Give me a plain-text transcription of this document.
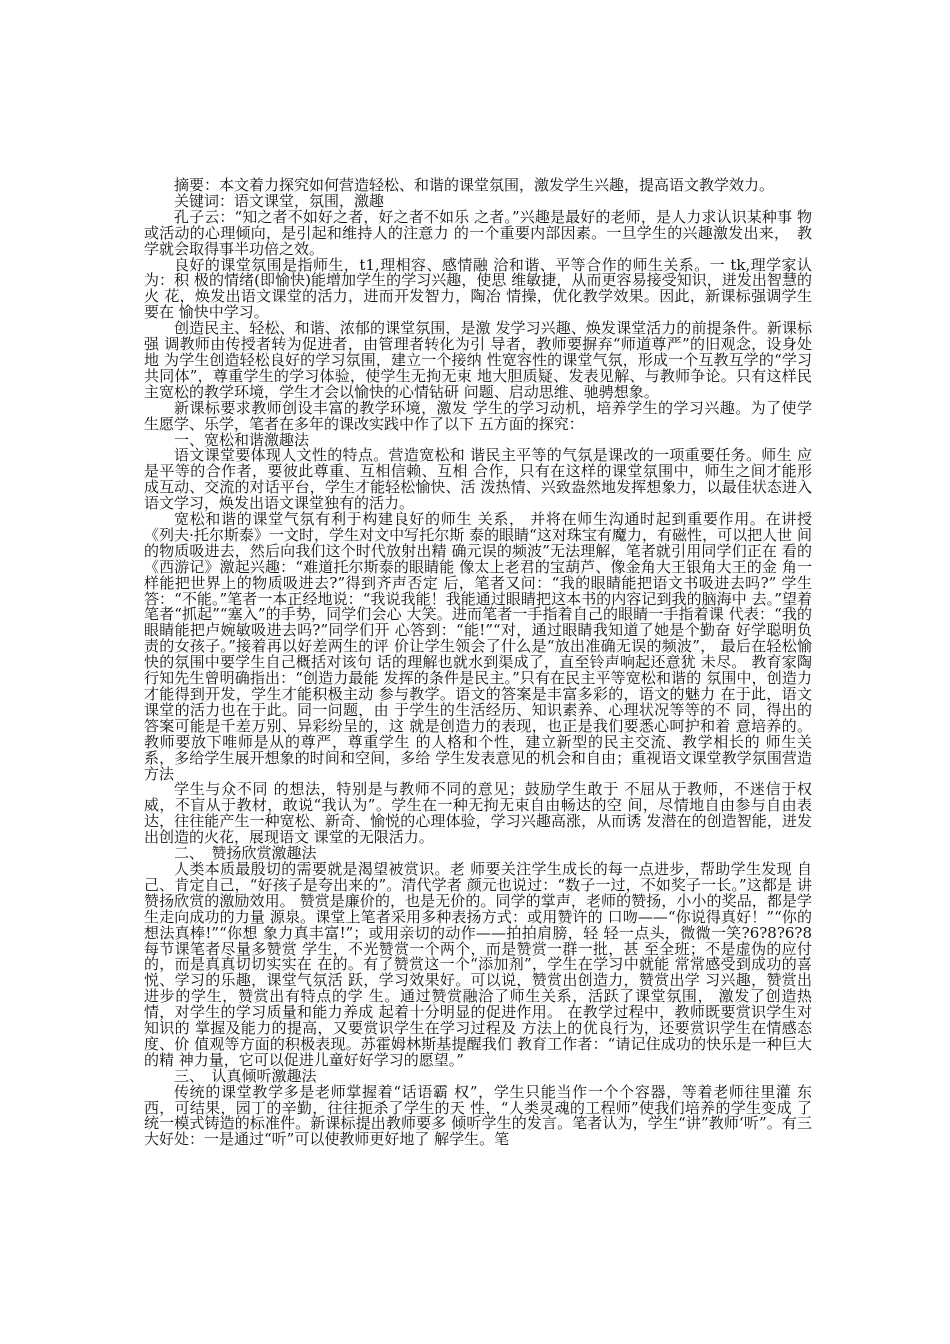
摘要：本文着力探究如何营造轻松、和谐的课堂氛围，激发学生兴趣，提高语文教学效力。

关键词：语文课堂，氛围，激趣

孔子云：“知之者不如好之者，好之者不如乐 之者。”兴趣是最好的老师，是人力求认识某种事 物或活动的心理倾向，是引起和维持人的注意力 的一个重要内部因素。一旦学生的兴趣激发出来，　教学就会取得事半功倍之效。

良好的课堂氛围是指师生，t1,理相容、感情融 洽和谐、平等合作的师生关系。一 tk,理学家认为：积 极的情绪(即愉快)能增加学生的学习兴趣，使思 维敏捷，从而更容易接受知识，迸发出智慧的火 花，焕发出语文课堂的活力，进而开发智力，陶冶 情操，优化教学效果。因此，新课标强调学生要在 愉快中学习。

创造民主、轻松、和谐、浓郁的课堂氛围，是激 发学习兴趣、焕发课堂活力的前提条件。新课标强 调教师由传授者转为促进者，由管理者转化为引 导者，教师要摒弃“师道尊严”的旧观念，设身处地 为学生创造轻松良好的学习氛围，建立一个接纳 性宽容性的课堂气氛，形成一个互教互学的“学习 共同体”，尊重学生的学习体验，使学生无拘无束 地大胆质疑、发表见解、与教师争论。只有这样民 主宽松的教学环境，学生才会以愉快的心情钻研 问题、启动思维、驰骋想象。

新课标要求教师创设丰富的教学环境，激发 学生的学习动机，培养学生的学习兴趣。为了使学 生愿学、乐学，笔者在多年的课改实践中作了以下 五方面的探究：

一、宽松和谐激趣法

语文课堂要体现人文性的特点。营造宽松和 谐民主平等的气氛是课改的一项重要任务。师生 应是平等的合作者，要彼此尊重、互相信赖、互相 合作，只有在这样的课堂氛围中，师生之间才能形 成互动、交流的对话平台，学生才能轻松愉快、活 泼热情、兴致盎然地发挥想象力，以最佳状态进入 语文学习，焕发出语文课堂独有的活力。

宽松和谐的课堂气氛有利于构建良好的师生 关系， 并将在师生沟通时起到重要作用。在讲授《列夫·托尔斯泰》一文时，学生对文中写托尔斯 泰的眼睛“这对珠宝有魔力，有磁性，可以把人世 间的物质吸进去，然后向我们这个时代放射出精 确元误的频波”无法理解，笔者就引用同学们正在 看的《西游记》激起兴趣：“难道托尔斯泰的眼睛能 像太上老君的宝葫芦、像金角大王银角大王的金 角一样能把世界上的物质吸进去?”得到齐声否定 后，笔者又问：“我的眼睛能把语文书吸进去吗?” 学生答：“不能。”笔者一本正经地说：“我说我能！我能通过眼睛把这本书的内容记到我的脑海中 去。”望着笔者“抓起”“塞入”的手势，同学们会心 大笑。进而笔者一手指着自己的眼睛一手指着课 代表：“我的眼睛能把卢婉敏吸进去吗?”同学们开 心答到：“能!”“对，通过眼睛我知道了她是个勤奋 好学聪明负责的女孩子。”接着再以好差两生的评 价让学生领会了什么是“放出准确无误的频波”， 最后在轻松愉快的氛围中要学生自己概括对该句 话的理解也就水到渠成了，直至铃声响起还意犹 未尽。 教育家陶行知先生曾明确指出：“创造力最能 发挥的条件是民主。”只有在民主平等宽松和谐的 氛围中，创造力才能得到开发，学生才能积极主动 参与教学。语文的答案是丰富多彩的，语文的魅力 在于此，语文课堂的活力也在于此。同一问题，由 于学生的生活经历、知识素养、心理状况等等的不 同，得出的答案可能是千差万别、异彩纷呈的，这 就是创造力的表现，也正是我们要悉心呵护和着 意培养的。教师要放下唯师是从的尊严，尊重学生 的人格和个性，建立新型的民主交流、教学相长的 师生关系，多给学生展开想象的时间和空间，多给 学生发表意见的机会和自由；重视语文课堂教学氛围营造方法

学生与众不同 的想法，特别是与教师不同的意见；鼓励学生敢于 不屈从于教师，不迷信于权威，不盲从于教材，敢说“我认为”。学生在一种无拘无束自由畅达的空 间，尽情地自由参与自由表达，往往能产生一种宽松、新奇、愉悦的心理体验，学习兴趣高涨，从而诱 发潜在的创造智能，迸发出创造的火花，展现语文 课堂的无限活力。

二、　赞扬欣赏激趣法

人类本质最殷切的需要就是渴望被赏识。老 师要关注学生成长的每一点进步，帮助学生发现 自己、肯定自己，“好孩子是夸出来的”。清代学者 颜元也说过：“数子一过，不如奖子一长。”这都是 讲赞扬欣赏的激励效用。 赞赏是廉价的，也是无价的。同学的掌声，老师的赞扬，小小的奖品，都是学生走向成功的力量 源泉。课堂上笔者采用多种表扬方式：或用赞许的 口吻——“你说得真好！”“你的想法真棒!”“你想 象力真丰富!”；或用亲切的动作——拍拍肩膀，轻 轻一点头，微微一笑?6?8?6?8 每节课笔者尽量多赞赏 学生，不光赞赏一个两个，而是赞赏一群一批，甚 至全班；不是虚伪的应付的，而是真真切切实实在 在的。有了赞赏这一个“添加剂”，学生在学习中就能 常常感受到成功的喜悦、学习的乐趣，课堂气氛活 跃，学习效果好。可以说，赞赏出创造力，赞赏出学 习兴趣，赞赏出进步的学生，赞赏出有特点的学 生。通过赞赏融洽了师生关系，活跃了课堂氛围， 激发了创造热情，对学生的学习质量和能力养成 起着十分明显的促进作用。 在教学过程中，教师既要赏识学生对知识的 掌握及能力的提高，又要赏识学生在学习过程及 方法上的优良行为，还要赏识学生在情感态度、价 值观等方面的积极表现。苏霍姆林斯基提醒我们 教育工作者：“请记住成功的快乐是一种巨大的精 神力量，它可以促进儿童好好学习的愿望。”

三、　认真倾听激趣法

传统的课堂教学多是老师掌握着“话语霸 权”，学生只能当作一个个容器，等着老师往里灌 东西，可结果，园丁的辛勤，往往扼杀了学生的天 性，“人类灵魂的工程师”使我们培养的学生变成 了统一模式铸造的标准件。新课标提出教师要多 倾听学生的发言。笔者认为，学生“讲”教师‘听”。有三大好处：一是通过“听”可以使教师更好地了 解学生。笔
